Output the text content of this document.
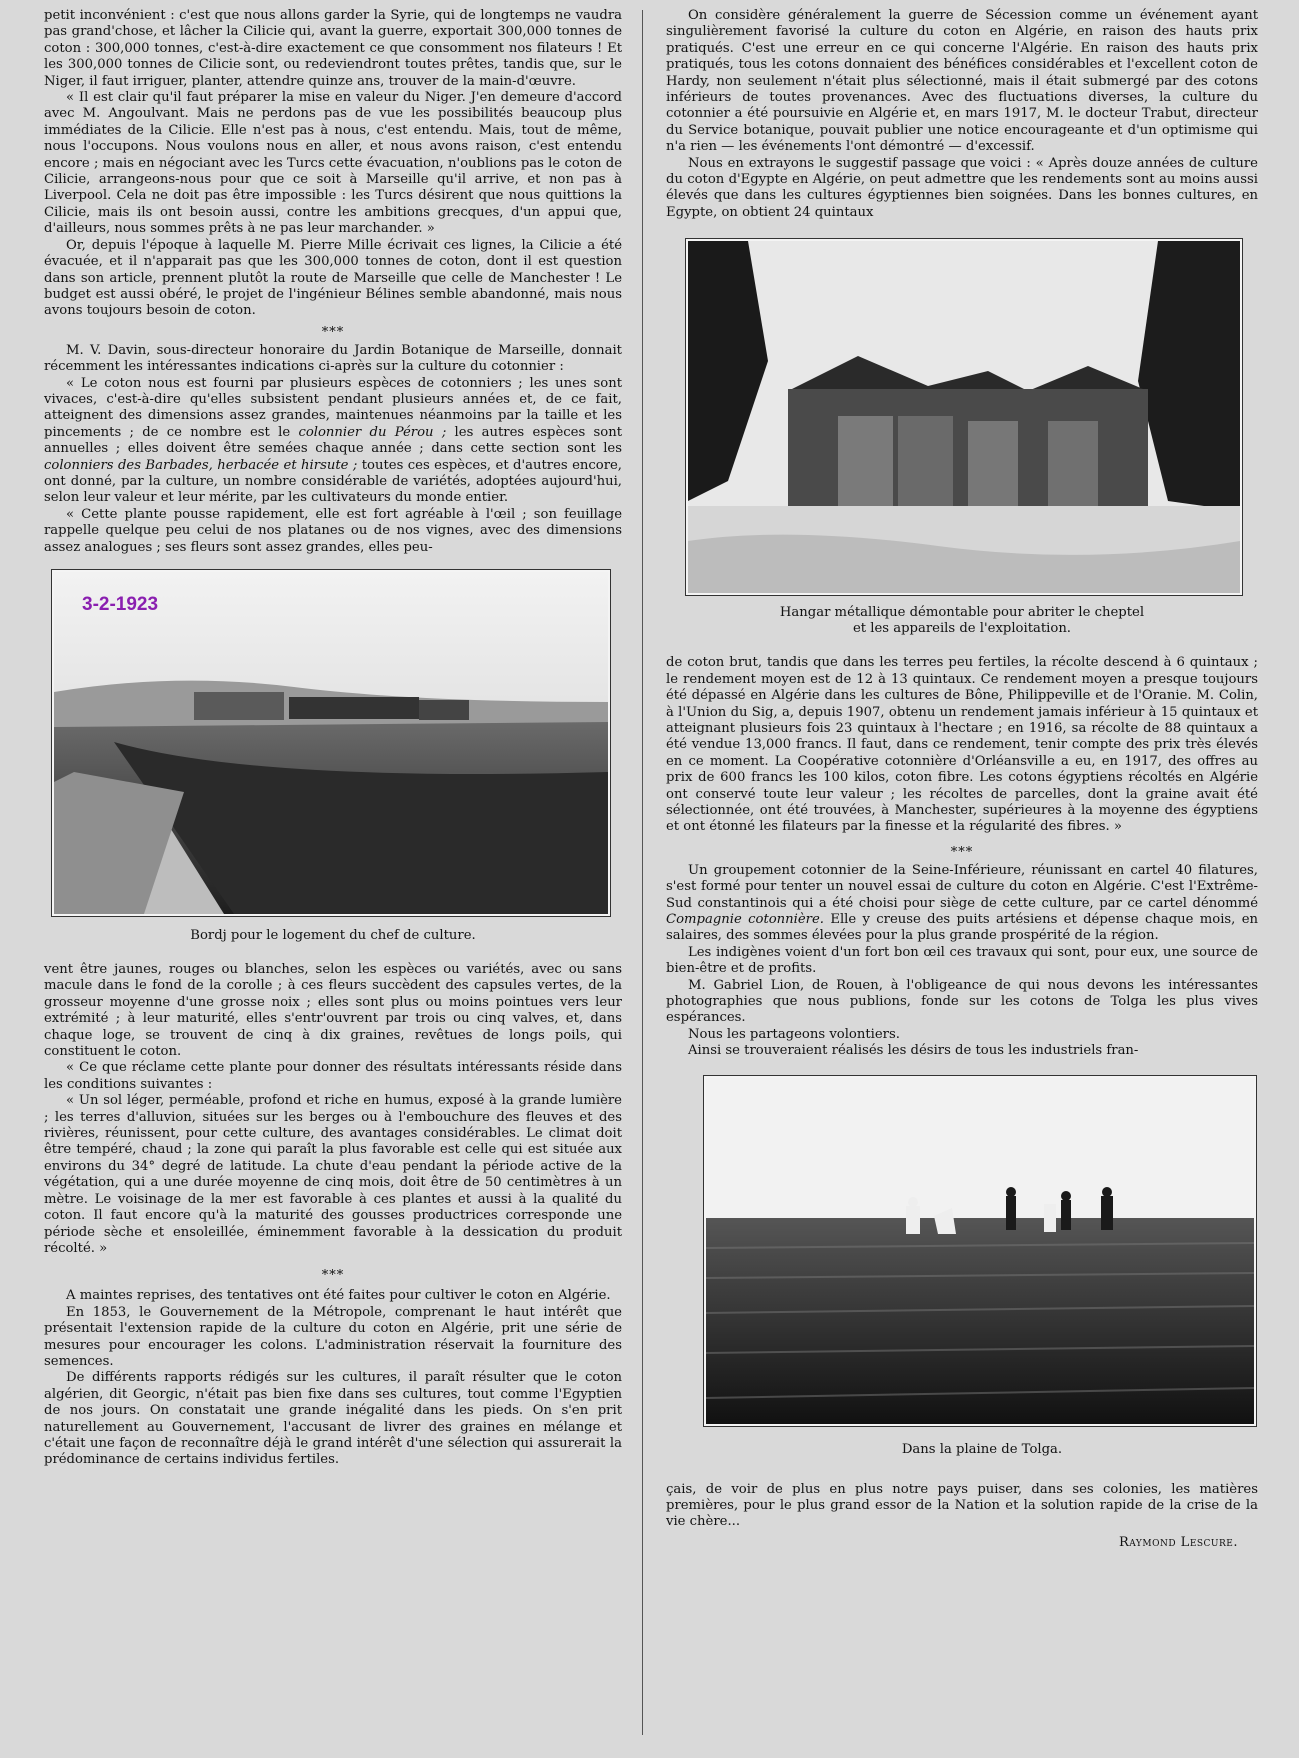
petit inconvénient : c'est que nous allons garder la Syrie, qui de longtemps ne vaudra pas grand'chose, et lâcher la Cilicie qui, avant la guerre, exportait 300,000 tonnes de coton : 300,000 tonnes, c'est-à-dire exactement ce que consomment nos filateurs ! Et les 300,000 tonnes de Cilicie sont, ou redeviendront toutes prêtes, tandis que, sur le Niger, il faut irriguer, planter, attendre quinze ans, trouver de la main-d'œuvre.

« Il est clair qu'il faut préparer la mise en valeur du Niger. J'en demeure d'accord avec M. Angoulvant. Mais ne perdons pas de vue les possibilités beaucoup plus immédiates de la Cilicie. Elle n'est pas à nous, c'est entendu. Mais, tout de même, nous l'occupons. Nous voulons nous en aller, et nous avons raison, c'est entendu encore ; mais en négociant avec les Turcs cette évacuation, n'oublions pas le coton de Cilicie, arrangeons-nous pour que ce soit à Marseille qu'il arrive, et non pas à Liverpool. Cela ne doit pas être impossible : les Turcs désirent que nous quittions la Cilicie, mais ils ont besoin aussi, contre les ambitions grecques, d'un appui que, d'ailleurs, nous sommes prêts à ne pas leur marchander. »

Or, depuis l'époque à laquelle M. Pierre Mille écrivait ces lignes, la Cilicie a été évacuée, et il n'apparait pas que les 300,000 tonnes de coton, dont il est question dans son article, prennent plutôt la route de Marseille que celle de Manchester ! Le budget est aussi obéré, le projet de l'ingénieur Bélines semble abandonné, mais nous avons toujours besoin de coton.

***

M. V. Davin, sous-directeur honoraire du Jardin Botanique de Marseille, donnait récemment les intéressantes indications ci-après sur la culture du cotonnier :

« Le coton nous est fourni par plusieurs espèces de cotonniers ; les unes sont vivaces, c'est-à-dire qu'elles subsistent pendant plusieurs années et, de ce fait, atteignent des dimensions assez grandes, maintenues néanmoins par la taille et les pincements ; de ce nombre est le colonnier du Pérou ; les autres espèces sont annuelles ; elles doivent être semées chaque année ; dans cette section sont les colonniers des Barbades, herbacée et hirsute ; toutes ces espèces, et d'autres encore, ont donné, par la culture, un nombre considérable de variétés, adoptées aujourd'hui, selon leur valeur et leur mérite, par les cultivateurs du monde entier.

« Cette plante pousse rapidement, elle est fort agréable à l'œil ; son feuillage rappelle quelque peu celui de nos platanes ou de nos vignes, avec des dimensions assez analogues ; ses fleurs sont assez grandes, elles peu-

3-2-1923
Bordj pour le logement du chef de culture.

vent être jaunes, rouges ou blanches, selon les espèces ou variétés, avec ou sans macule dans le fond de la corolle ; à ces fleurs succèdent des capsules vertes, de la grosseur moyenne d'une grosse noix ; elles sont plus ou moins pointues vers leur extrémité ; à leur maturité, elles s'entr'ouvrent par trois ou cinq valves, et, dans chaque loge, se trouvent de cinq à dix graines, revêtues de longs poils, qui constituent le coton.

« Ce que réclame cette plante pour donner des résultats intéressants réside dans les conditions suivantes :

« Un sol léger, perméable, profond et riche en humus, exposé à la grande lumière ; les terres d'alluvion, situées sur les berges ou à l'embouchure des fleuves et des rivières, réunissent, pour cette culture, des avantages considérables. Le climat doit être tempéré, chaud ; la zone qui paraît la plus favorable est celle qui est située aux environs du 34° degré de latitude. La chute d'eau pendant la période active de la végétation, qui a une durée moyenne de cinq mois, doit être de 50 centimètres à un mètre. Le voisinage de la mer est favorable à ces plantes et aussi à la qualité du coton. Il faut encore qu'à la maturité des gousses productrices corresponde une période sèche et ensoleillée, éminemment favorable à la dessication du produit récolté. »

***

A maintes reprises, des tentatives ont été faites pour cultiver le coton en Algérie.

En 1853, le Gouvernement de la Métropole, comprenant le haut intérêt que présentait l'extension rapide de la culture du coton en Algérie, prit une série de mesures pour encourager les colons. L'administration réservait la fourniture des semences.

De différents rapports rédigés sur les cultures, il paraît résulter que le coton algérien, dit Georgic, n'était pas bien fixe dans ses cultures, tout comme l'Egyptien de nos jours. On constatait une grande inégalité dans les pieds. On s'en prit naturellement au Gouvernement, l'accusant de livrer des graines en mélange et c'était une façon de reconnaître déjà le grand intérêt d'une sélection qui assurerait la prédominance de certains individus fertiles.

On considère généralement la guerre de Sécession comme un événement ayant singulièrement favorisé la culture du coton en Algérie, en raison des hauts prix pratiqués. C'est une erreur en ce qui concerne l'Algérie. En raison des hauts prix pratiqués, tous les cotons donnaient des bénéfices considérables et l'excellent coton de Hardy, non seulement n'était plus sélectionné, mais il était submergé par des cotons inférieurs de toutes provenances. Avec des fluctuations diverses, la culture du cotonnier a été poursuivie en Algérie et, en mars 1917, M. le docteur Trabut, directeur du Service botanique, pouvait publier une notice encourageante et d'un optimisme qui n'a rien — les événements l'ont démontré — d'excessif.

Nous en extrayons le suggestif passage que voici : « Après douze années de culture du coton d'Egypte en Algérie, on peut admettre que les rendements sont au moins aussi élevés que dans les cultures égyptiennes bien soignées. Dans les bonnes cultures, en Egypte, on obtient 24 quintaux

Hangar métallique démontable pour abriter le cheptel
et les appareils de l'exploitation.

de coton brut, tandis que dans les terres peu fertiles, la récolte descend à 6 quintaux ; le rendement moyen est de 12 à 13 quintaux. Ce rendement moyen a presque toujours été dépassé en Algérie dans les cultures de Bône, Philippeville et de l'Oranie. M. Colin, à l'Union du Sig, a, depuis 1907, obtenu un rendement jamais inférieur à 15 quintaux et atteignant plusieurs fois 23 quintaux à l'hectare ; en 1916, sa récolte de 88 quintaux a été vendue 13,000 francs. Il faut, dans ce rendement, tenir compte des prix très élevés en ce moment. La Coopérative cotonnière d'Orléansville a eu, en 1917, des offres au prix de 600 francs les 100 kilos, coton fibre. Les cotons égyptiens récoltés en Algérie ont conservé toute leur valeur ; les récoltes de parcelles, dont la graine avait été sélectionnée, ont été trouvées, à Manchester, supérieures à la moyenne des égyptiens et ont étonné les filateurs par la finesse et la régularité des fibres. »

***

Un groupement cotonnier de la Seine-Inférieure, réunissant en cartel 40 filatures, s'est formé pour tenter un nouvel essai de culture du coton en Algérie. C'est l'Extrême-Sud constantinois qui a été choisi pour siège de cette culture, par ce cartel dénommé Compagnie cotonnière. Elle y creuse des puits artésiens et dépense chaque mois, en salaires, des sommes élevées pour la plus grande prospérité de la région.

Les indigènes voient d'un fort bon œil ces travaux qui sont, pour eux, une source de bien-être et de profits.

M. Gabriel Lion, de Rouen, à l'obligeance de qui nous devons les intéressantes photographies que nous publions, fonde sur les cotons de Tolga les plus vives espérances.

Nous les partageons volontiers.

Ainsi se trouveraient réalisés les désirs de tous les industriels fran-

Dans la plaine de Tolga.

çais, de voir de plus en plus notre pays puiser, dans ses colonies, les matières premières, pour le plus grand essor de la Nation et la solution rapide de la crise de la vie chère...

Raymond Lescure.
